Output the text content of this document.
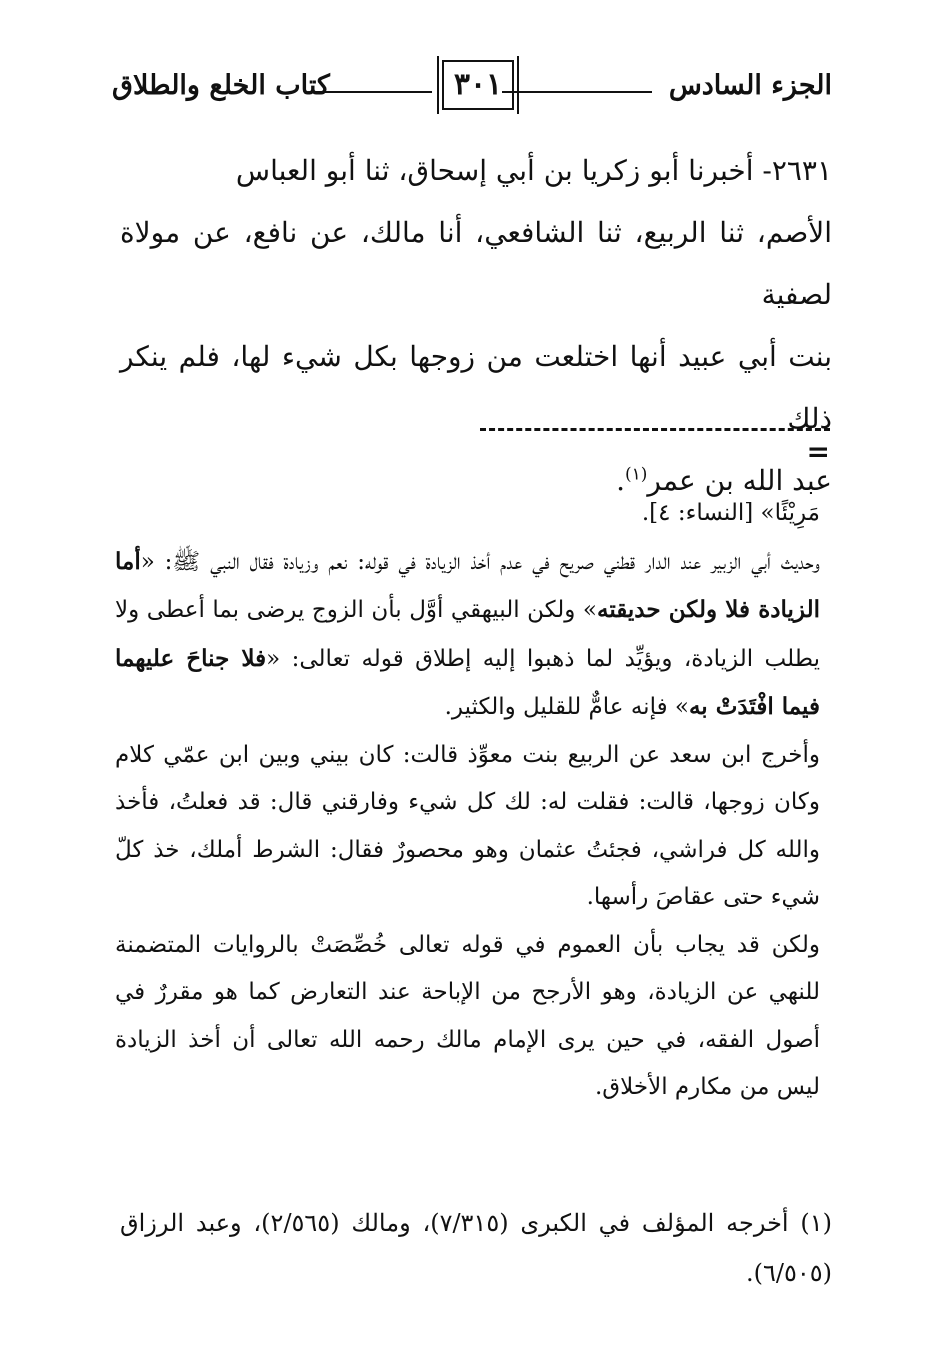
الجزء السادس
٣٠١
كتاب الخلع والطلاق

٢٦٣١- أخبرنا أبو زكريا بن أبي إسحاق، ثنا أبو العباس

الأصم، ثنا الربيع، ثنا الشافعي، أنا مالك، عن نافع، عن مولاة لصفية

بنت أبي عبيد أنها اختلعت من زوجها بكل شيء لها، فلم ينكر ذلك

عبد الله بن عمر$^{(١)}$.

=

مَرِيْئًا» [النساء: ٤].

وحديث أبي الزبير عند الدار قطني صريح في عدم أخذ الزيادة في قوله: نعم وزيادة فقال النبي ﷺ: «أما الزيادة فلا ولكن حديقته» ولكن البيهقي أوَّل بأن الزوج يرضى بما أعطى ولا يطلب الزيادة، ويؤيِّد لما ذهبوا إليه إطلاق قوله تعالى: «فلا جناحَ عليهما فيما افْتَدَتْ به» فإنه عامٌّ للقليل والكثير.

وأخرج ابن سعد عن الربيع بنت معوِّذ قالت: كان بيني وبين ابن عمّي كلام وكان زوجها، قالت: فقلت له: لك كل شيء وفارقني قال: قد فعلتُ، فأخذ والله كل فراشي، فجئتُ عثمان وهو محصورٌ فقال: الشرط أملك، خذ كلّ شيء حتى عقاصَ رأسها.

ولكن قد يجاب بأن العموم في قوله تعالى خُصِّصَتْ بالروايات المتضمنة للنهي عن الزيادة، وهو الأرجح من الإباحة عند التعارض كما هو مقررٌ في أصول الفقه، في حين يرى الإمام مالك رحمه الله تعالى أن أخذ الزيادة ليس من مكارم الأخلاق.

(١) أخرجه المؤلف في الكبرى (٧/٣١٥)، ومالك (٢/٥٦٥)، وعبد الرزاق (٦/٥٠٥).
